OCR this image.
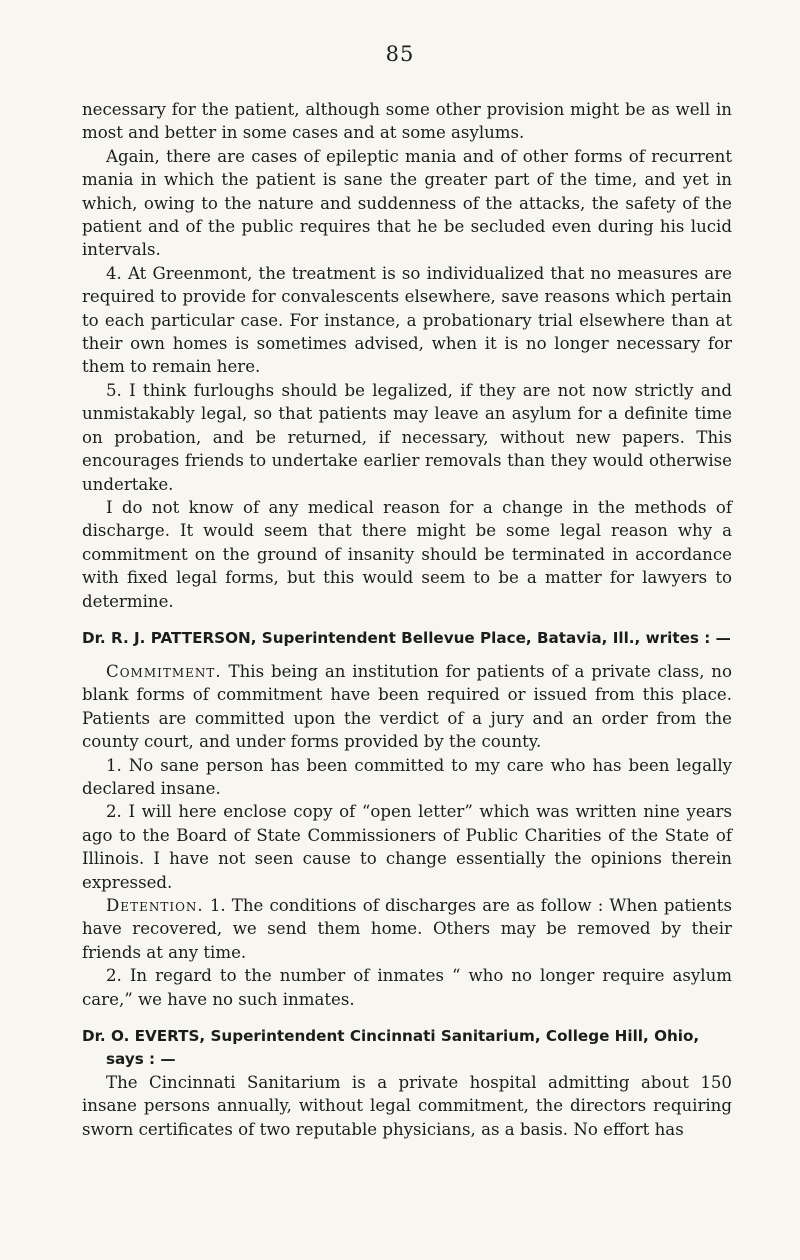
85

necessary for the patient, although some other provision might be as well in most and better in some cases and at some asylums.

Again, there are cases of epileptic mania and of other forms of recurrent mania in which the patient is sane the greater part of the time, and yet in which, owing to the nature and suddenness of the attacks, the safety of the patient and of the public requires that he be secluded even during his lucid intervals.

4. At Greenmont, the treatment is so individualized that no measures are required to provide for convalescents elsewhere, save reasons which pertain to each particular case. For instance, a probationary trial elsewhere than at their own homes is sometimes advised, when it is no longer necessary for them to remain here.

5. I think furloughs should be legalized, if they are not now strictly and unmistakably legal, so that patients may leave an asylum for a definite time on probation, and be returned, if necessary, without new papers. This encourages friends to undertake earlier removals than they would otherwise undertake.

I do not know of any medical reason for a change in the methods of discharge. It would seem that there might be some legal reason why a commitment on the ground of insanity should be terminated in accordance with fixed legal forms, but this would seem to be a matter for lawyers to determine.

Dr. R. J. PATTERSON, Superintendent Bellevue Place, Batavia, Ill., writes : —

Commitment. This being an institution for patients of a private class, no blank forms of commitment have been required or issued from this place. Patients are committed upon the verdict of a jury and an order from the county court, and under forms provided by the county.

1. No sane person has been committed to my care who has been legally declared insane.

2. I will here enclose copy of “open letter” which was written nine years ago to the Board of State Commissioners of Public Charities of the State of Illinois. I have not seen cause to change essentially the opinions therein expressed.

Detention. 1. The conditions of discharges are as follow : When patients have recovered, we send them home. Others may be removed by their friends at any time.

2. In regard to the number of inmates “ who no longer require asylum care,” we have no such inmates.

Dr. O. EVERTS, Superintendent Cincinnati Sanitarium, College Hill, Ohio, says : —

The Cincinnati Sanitarium is a private hospital admitting about 150 insane persons annually, without legal commitment, the directors requiring sworn certificates of two reputable physicians, as a basis. No effort has
